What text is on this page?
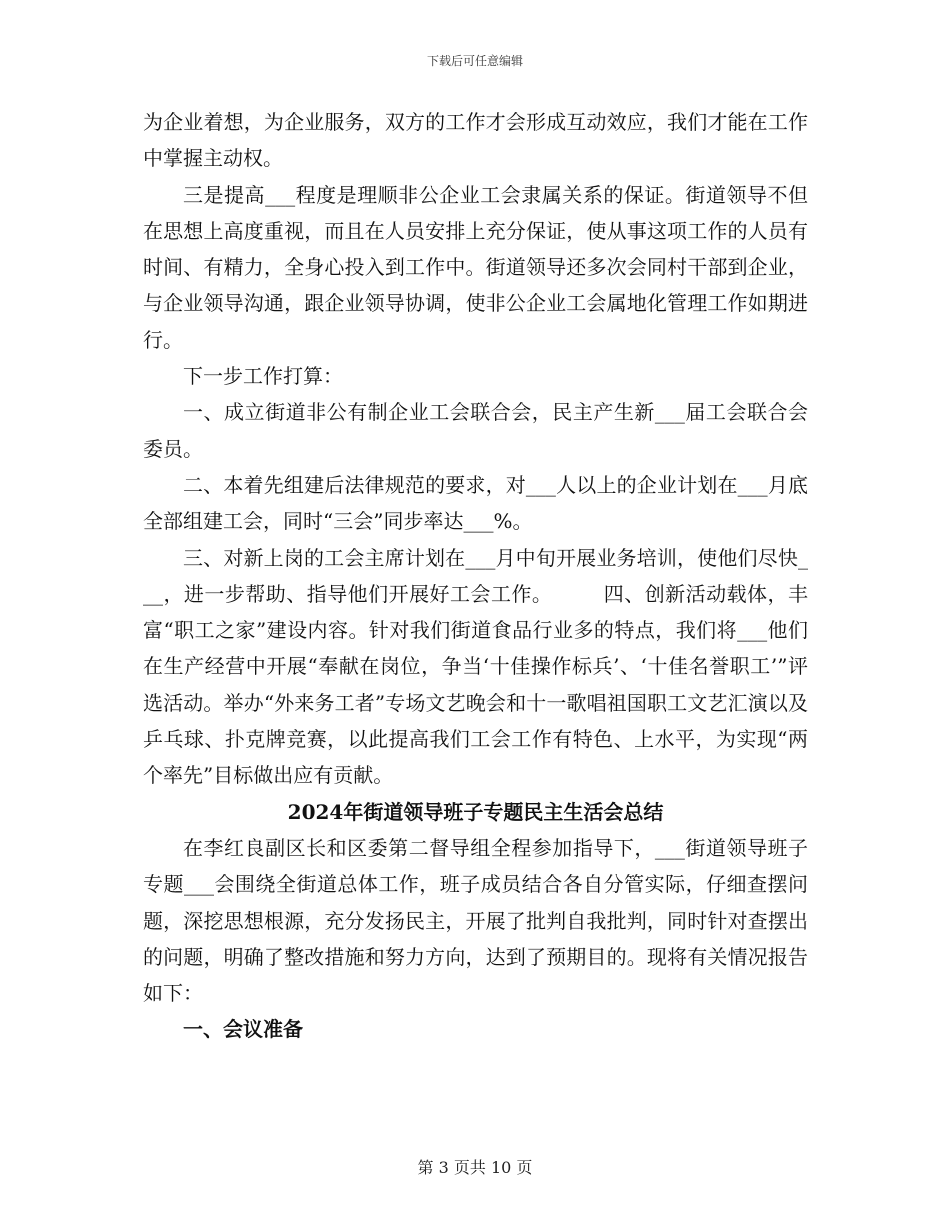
下载后可任意编辑

为企业着想，为企业服务，双方的工作才会形成互动效应，我们才能在工作中掌握主动权。

三是提高___程度是理顺非公企业工会隶属关系的保证。街道领导不但在思想上高度重视，而且在人员安排上充分保证，使从事这项工作的人员有时间、有精力，全身心投入到工作中。街道领导还多次会同村干部到企业，与企业领导沟通，跟企业领导协调，使非公企业工会属地化管理工作如期进行。

下一步工作打算：

一、成立街道非公有制企业工会联合会，民主产生新___届工会联合会委员。

二、本着先组建后法律规范的要求，对___人以上的企业计划在___月底全部组建工会，同时“三会”同步率达___%。

三、对新上岗的工会主席计划在___月中旬开展业务培训，使他们尽快___，进一步帮助、指导他们开展好工会工作。　　　四、创新活动载体，丰富“职工之家”建设内容。针对我们街道食品行业多的特点，我们将___他们在生产经营中开展“奉献在岗位，争当‘十佳操作标兵’、‘十佳名誉职工’”评选活动。举办“外来务工者”专场文艺晚会和十一歌唱祖国职工文艺汇演以及乒乓球、扑克牌竞赛，以此提高我们工会工作有特色、上水平，为实现“两个率先”目标做出应有贡献。

2024年街道领导班子专题民主生活会总结

在李红良副区长和区委第二督导组全程参加指导下，___街道领导班子专题___会围绕全街道总体工作，班子成员结合各自分管实际，仔细查摆问题，深挖思想根源，充分发扬民主，开展了批判自我批判，同时针对查摆出的问题，明确了整改措施和努力方向，达到了预期目的。现将有关情况报告如下：

一、会议准备

第 3 页共 10 页
